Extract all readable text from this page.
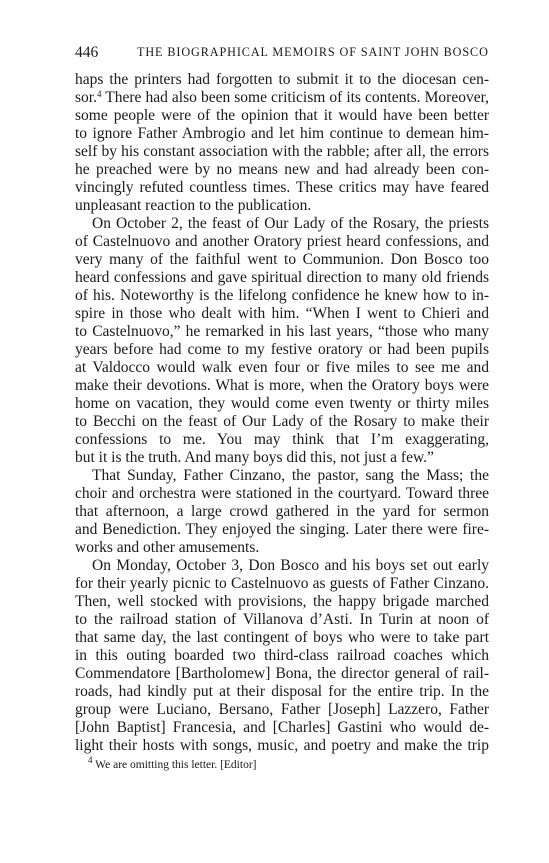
446	THE BIOGRAPHICAL MEMOIRS OF SAINT JOHN BOSCO
haps the printers had forgotten to submit it to the diocesan cen-
sor.$^4$ There had also been some criticism of its contents. Moreover,
some people were of the opinion that it would have been better
to ignore Father Ambrogio and let him continue to demean him-
self by his constant association with the rabble; after all, the errors
he preached were by no means new and had already been con-
vincingly refuted countless times. These critics may have feared
unpleasant reaction to the publication.
On October 2, the feast of Our Lady of the Rosary, the priests
of Castelnuovo and another Oratory priest heard confessions, and
very many of the faithful went to Communion. Don Bosco too
heard confessions and gave spiritual direction to many old friends
of his. Noteworthy is the lifelong confidence he knew how to in-
spire in those who dealt with him. “When I went to Chieri and
to Castelnuovo,” he remarked in his last years, “those who many
years before had come to my festive oratory or had been pupils
at Valdocco would walk even four or five miles to see me and
make their devotions. What is more, when the Oratory boys were
home on vacation, they would come even twenty or thirty miles
to Becchi on the feast of Our Lady of the Rosary to make their
confessions to me. You may think that I’m exaggerating,
but it is the truth. And many boys did this, not just a few.”
That Sunday, Father Cinzano, the pastor, sang the Mass; the
choir and orchestra were stationed in the courtyard. Toward three
that afternoon, a large crowd gathered in the yard for sermon
and Benediction. They enjoyed the singing. Later there were fire-
works and other amusements.
On Monday, October 3, Don Bosco and his boys set out early
for their yearly picnic to Castelnuovo as guests of Father Cinzano.
Then, well stocked with provisions, the happy brigade marched
to the railroad station of Villanova d’Asti. In Turin at noon of
that same day, the last contingent of boys who were to take part
in this outing boarded two third-class railroad coaches which
Commendatore [Bartholomew] Bona, the director general of rail-
roads, had kindly put at their disposal for the entire trip. In the
group were Luciano, Bersano, Father [Joseph] Lazzero, Father
[John Baptist] Francesia, and [Charles] Gastini who would de-
light their hosts with songs, music, and poetry and make the trip
$^4$ We are omitting this letter. [Editor]
